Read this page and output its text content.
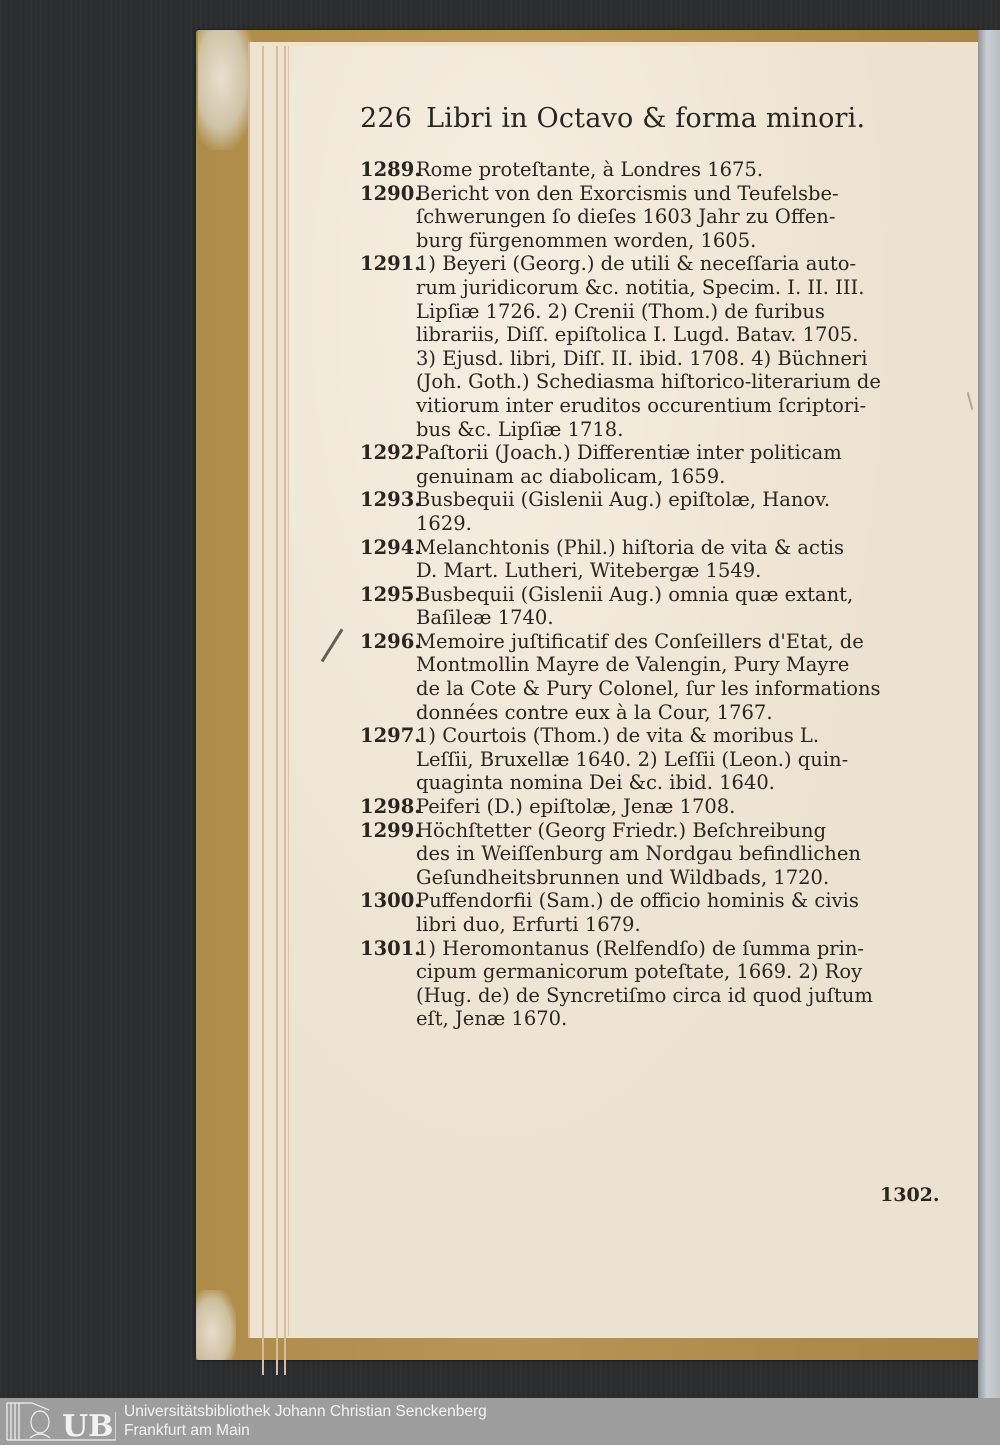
226 Libri in Octavo & forma minori.
1289.
Rome proteſtante, à Londres 1675.
1290.
Bericht von den Exorcismis und Teufelsbe-
ſchwerungen ſo dieſes 1603 Jahr zu Offen-
burg fürgenommen worden, 1605.
1291.
1) Beyeri (Georg.) de utili & neceſſaria auto-
rum juridicorum &c. notitia, Specim. I. II. III.
Lipſiæ 1726. 2) Crenii (Thom.) de furibus
librariis, Diſſ. epiſtolica I. Lugd. Batav. 1705.
3) Ejusd. libri, Diſſ. II. ibid. 1708. 4) Büchneri
(Joh. Goth.) Schediasma hiſtorico-literarium de
vitiorum inter eruditos occurentium ſcriptori-
bus &c. Lipſiæ 1718.
1292.
Paſtorii (Joach.) Differentiæ inter politicam
genuinam ac diabolicam, 1659.
1293.
Busbequii (Gislenii Aug.) epiſtolæ, Hanov.
1629.
1294.
Melanchtonis (Phil.) hiſtoria de vita & actis
D. Mart. Lutheri, Witebergæ 1549.
1295.
Busbequii (Gislenii Aug.) omnia quæ extant,
Baſileæ 1740.
1296.
Memoire juſtificatif des Conſeillers d'Etat, de
Montmollin Mayre de Valengin, Pury Mayre
de la Cote & Pury Colonel, ſur les informations
données contre eux à la Cour, 1767.
1297.
1) Courtois (Thom.) de vita & moribus L.
Leſſii, Bruxellæ 1640. 2) Leſſii (Leon.) quin-
quaginta nomina Dei &c. ibid. 1640.
1298.
Peiferi (D.) epiſtolæ, Jenæ 1708.
1299.
Höchſtetter (Georg Friedr.) Beſchreibung
des in Weiſſenburg am Nordgau befindlichen
Geſundheitsbrunnen und Wildbads, 1720.
1300.
Puffendorfii (Sam.) de officio hominis & civis
libri duo, Erfurti 1679.
1301.
1) Heromontanus (Relfendſo) de ſumma prin-
cipum germanicorum poteſtate, 1669. 2) Roy
(Hug. de) de Syncretiſmo circa id quod juſtum
eſt, Jenæ 1670.
1302.
UB Universitätsbibliothek Johann Christian Senckenberg
Frankfurt am Main
